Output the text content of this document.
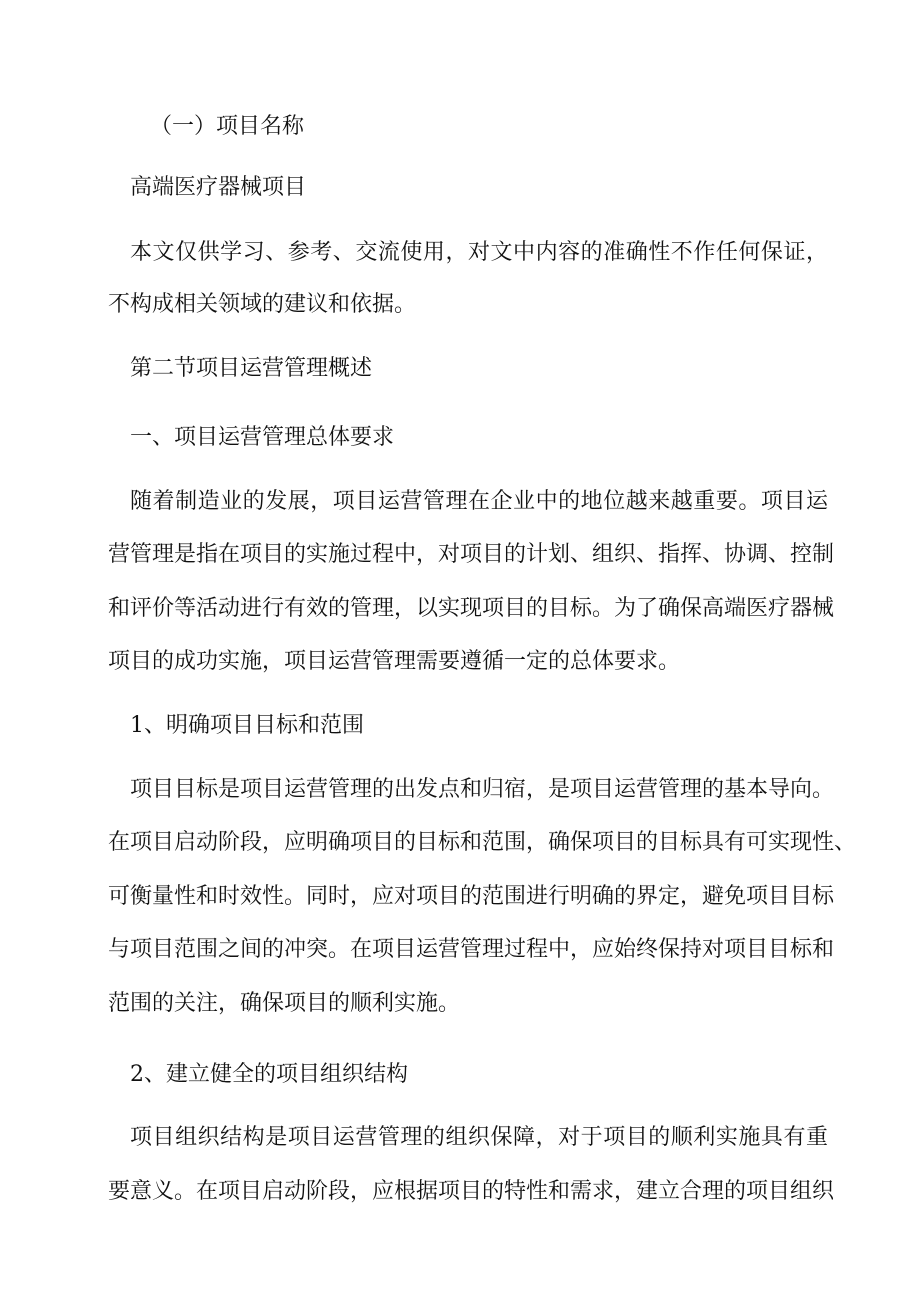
（一）项目名称
高端医疗器械项目
本文仅供学习、参考、交流使用，对文中内容的准确性不作任何保证，
不构成相关领域的建议和依据。
第二节项目运营管理概述
一、项目运营管理总体要求
随着制造业的发展，项目运营管理在企业中的地位越来越重要。项目运
营管理是指在项目的实施过程中，对项目的计划、组织、指挥、协调、控制
和评价等活动进行有效的管理，以实现项目的目标。为了确保高端医疗器械
项目的成功实施，项目运营管理需要遵循一定的总体要求。
1、明确项目目标和范围
项目目标是项目运营管理的出发点和归宿，是项目运营管理的基本导向。
在项目启动阶段，应明确项目的目标和范围，确保项目的目标具有可实现性、
可衡量性和时效性。同时，应对项目的范围进行明确的界定，避免项目目标
与项目范围之间的冲突。在项目运营管理过程中，应始终保持对项目目标和
范围的关注，确保项目的顺利实施。
2、建立健全的项目组织结构
项目组织结构是项目运营管理的组织保障，对于项目的顺利实施具有重
要意义。在项目启动阶段，应根据项目的特性和需求，建立合理的项目组织
